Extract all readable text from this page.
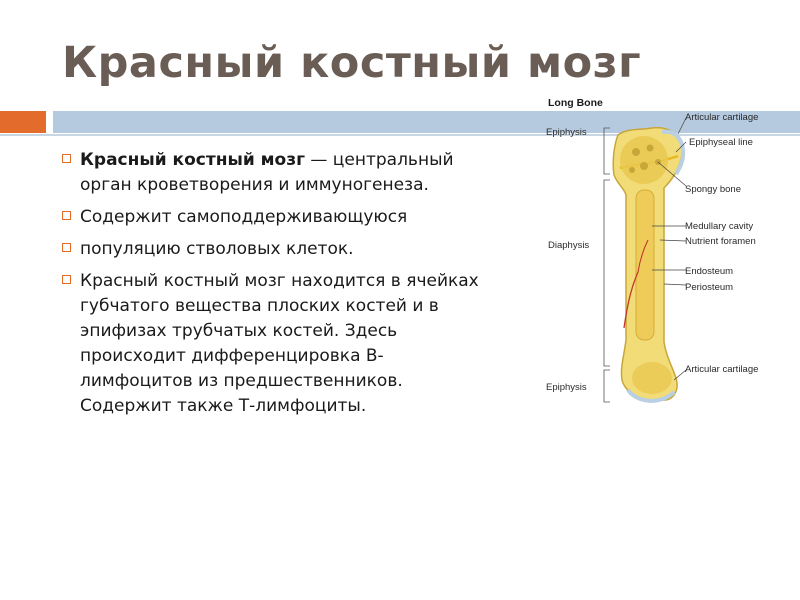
Красный костный мозг

Красный костный мозг — центральный орган кроветворения и иммуногенеза.

Содержит самоподдерживающуюся

популяцию стволовых клеток.

Красный костный мозг находится в ячейках губчатого вещества плоских костей и в эпифизах трубчатых костей. Здесь происходит дифференцировка В-лимфоцитов из предшественников. Содержит также Т-лимфоциты.

Long Bone
Epiphysis
Diaphysis
Epiphysis
Articular cartilage
Epiphyseal line
Spongy bone
Medullary cavity
Nutrient foramen
Endosteum
Periosteum
Articular cartilage
